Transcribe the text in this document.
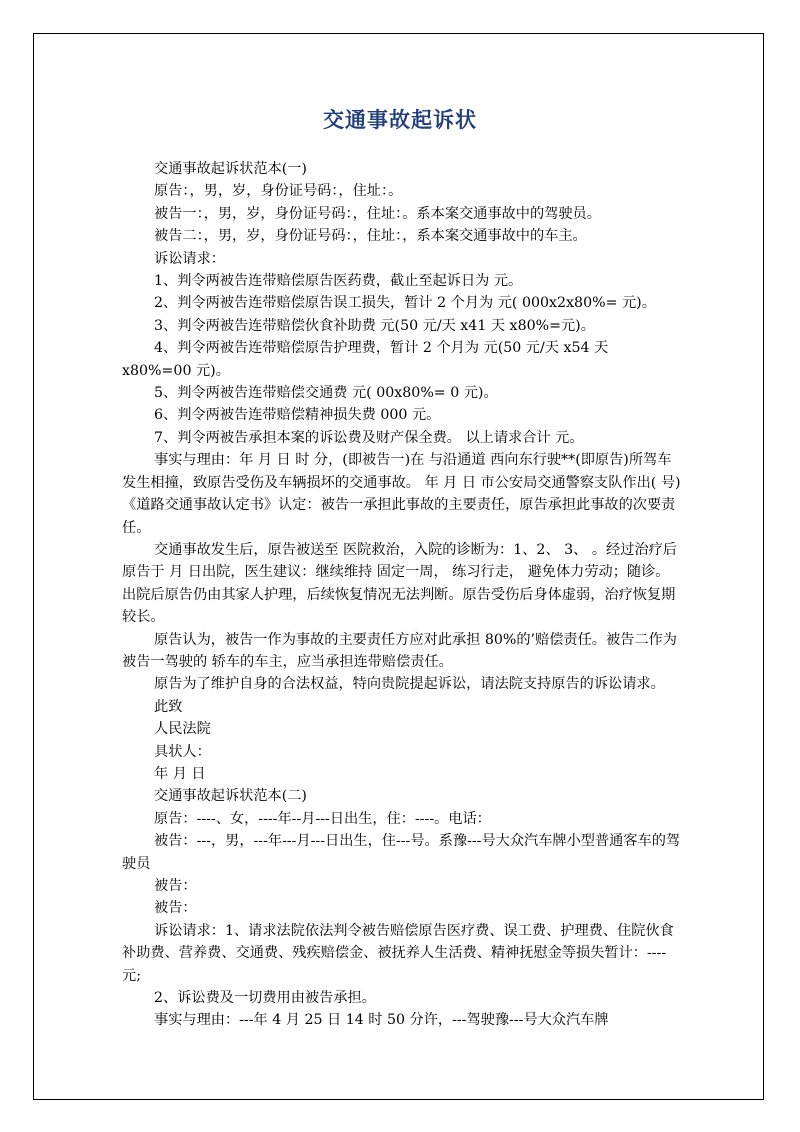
交通事故起诉状

交通事故起诉状范本(一)

原告：，男，岁，身份证号码：，住址：。

被告一：，男，岁，身份证号码：，住址：。系本案交通事故中的驾驶员。

被告二：，男，岁，身份证号码：，住址：，系本案交通事故中的车主。

诉讼请求：

1、判令两被告连带赔偿原告医药费，截止至起诉日为 元。

2、判令两被告连带赔偿原告误工损失，暂计 2 个月为 元( 000x2x80%= 元)。

3、判令两被告连带赔偿伙食补助费 元(50 元/天 x41 天 x80%=元)。

4、判令两被告连带赔偿原告护理费，暂计 2 个月为 元(50 元/天 x54 天 x80%=00 元)。

5、判令两被告连带赔偿交通费 元( 00x80%= 0 元)。

6、判令两被告连带赔偿精神损失费 000 元。

7、判令两被告承担本案的诉讼费及财产保全费。 以上请求合计 元。

事实与理由：年 月 日 时 分，(即被告一)在 与沿通道 西向东行驶**(即原告)所驾车发生相撞，致原告受伤及车辆损坏的交通事故。 年 月 日 市公安局交通警察支队作出( 号)《道路交通事故认定书》认定：被告一承担此事故的主要责任，原告承担此事故的次要责任。

交通事故发生后，原告被送至 医院救治，入院的诊断为：1、2、 3、 。经过治疗后原告于 月 日出院，医生建议：继续维持 固定一周， 练习行走， 避免体力劳动；随诊。出院后原告仍由其家人护理，后续恢复情况无法判断。原告受伤后身体虚弱，治疗恢复期较长。

原告认为，被告一作为事故的主要责任方应对此承担 80%的’赔偿责任。被告二作为被告一驾驶的 轿车的车主，应当承担连带赔偿责任。

原告为了维护自身的合法权益，特向贵院提起诉讼，请法院支持原告的诉讼请求。

此致

人民法院

具状人：

年 月 日

交通事故起诉状范本(二)

原告：----、女，----年--月---日出生，住：----。电话：

被告：---，男，---年---月---日出生，住---号。系豫---号大众汽车牌小型普通客车的驾驶员

被告：

被告：

诉讼请求：1、请求法院依法判令被告赔偿原告医疗费、误工费、护理费、住院伙食补助费、营养费、交通费、残疾赔偿金、被抚养人生活费、精神抚慰金等损失暂计：----元;

2、诉讼费及一切费用由被告承担。

事实与理由：---年 4 月 25 日 14 时 50 分许，---驾驶豫---号大众汽车牌
